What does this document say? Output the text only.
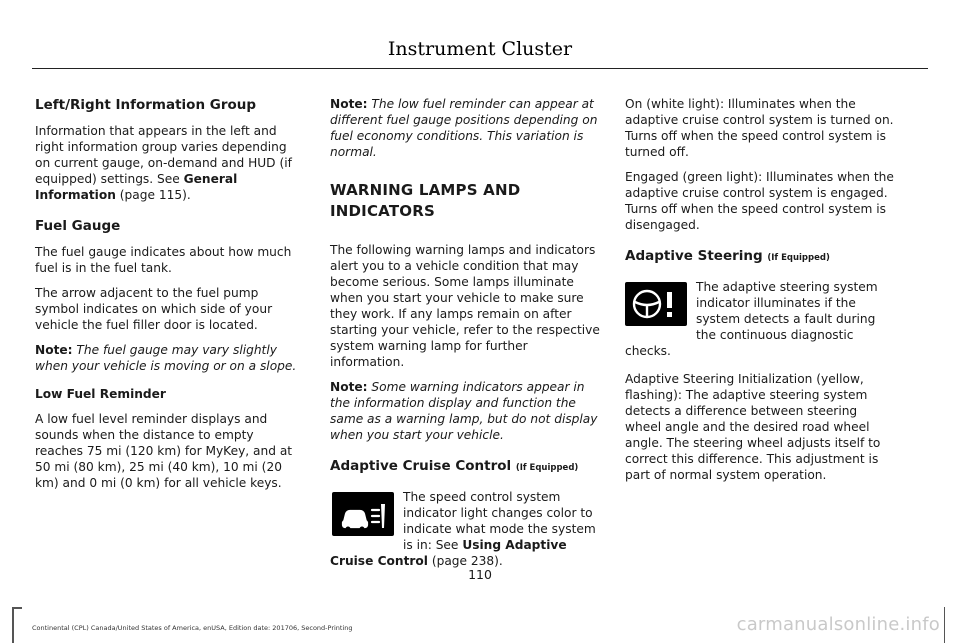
Instrument Cluster
Left/Right Information Group

Information that appears in the left and right information group varies depending on current gauge, on-demand and HUD (if equipped) settings. See General Information (page 115).

Fuel Gauge

The fuel gauge indicates about how much fuel is in the fuel tank.

The arrow adjacent to the fuel pump symbol indicates on which side of your vehicle the fuel filler door is located.

Note: The fuel gauge may vary slightly when your vehicle is moving or on a slope.

Low Fuel Reminder

A low fuel level reminder displays and sounds when the distance to empty reaches 75 mi (120 km) for MyKey, and at 50 mi (80 km), 25 mi (40 km), 10 mi (20 km) and 0 mi (0 km) for all vehicle keys.

Note: The low fuel reminder can appear at different fuel gauge positions depending on fuel economy conditions. This variation is normal.

WARNING LAMPS AND INDICATORS

The following warning lamps and indicators alert you to a vehicle condition that may become serious. Some lamps illuminate when you start your vehicle to make sure they work. If any lamps remain on after starting your vehicle, refer to the respective system warning lamp for further information.

Note: Some warning indicators appear in the information display and function the same as a warning lamp, but do not display when you start your vehicle.

Adaptive Cruise Control (If Equipped)

The speed control system indicator light changes color to indicate what mode the system is in: See Using Adaptive Cruise Control (page 238).

On (white light): Illuminates when the adaptive cruise control system is turned on. Turns off when the speed control system is turned off.

Engaged (green light): Illuminates when the adaptive cruise control system is engaged. Turns off when the speed control system is disengaged.

Adaptive Steering (If Equipped)

The adaptive steering system indicator illuminates if the system detects a fault during the continuous diagnostic checks.

Adaptive Steering Initialization (yellow, flashing): The adaptive steering system detects a difference between steering wheel angle and the desired road wheel angle. The steering wheel adjusts itself to correct this difference. This adjustment is part of normal system operation.

110
Continental (CPL) Canada/United States of America, enUSA, Edition date: 201706, Second-Printing	carmanualsonline.info
